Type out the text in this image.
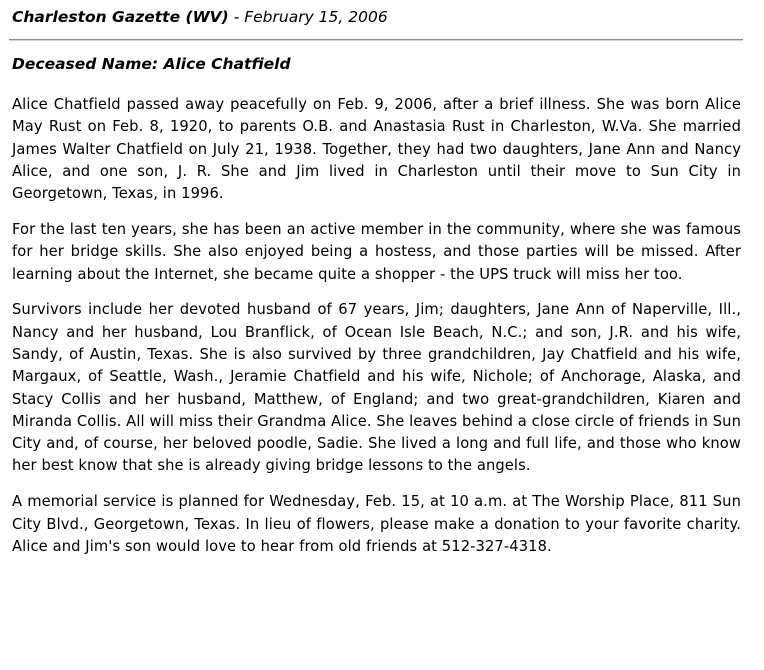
Charleston Gazette (WV) - February 15, 2006
Deceased Name: Alice Chatfield

Alice Chatfield passed away peacefully on Feb. 9, 2006, after a brief illness. She was born Alice May Rust on Feb. 8, 1920, to parents O.B. and Anastasia Rust in Charleston, W.Va. She married James Walter Chatfield on July 21, 1938. Together, they had two daughters, Jane Ann and Nancy Alice, and one son, J. R. She and Jim lived in Charleston until their move to Sun City in Georgetown, Texas, in 1996.

For the last ten years, she has been an active member in the community, where she was famous for her bridge skills. She also enjoyed being a hostess, and those parties will be missed. After learning about the Internet, she became quite a shopper - the UPS truck will miss her too.

Survivors include her devoted husband of 67 years, Jim; daughters, Jane Ann of Naperville, Ill., Nancy and her husband, Lou Branflick, of Ocean Isle Beach, N.C.; and son, J.R. and his wife, Sandy, of Austin, Texas. She is also survived by three grandchildren, Jay Chatfield and his wife, Margaux, of Seattle, Wash., Jeramie Chatfield and his wife, Nichole; of Anchorage, Alaska, and Stacy Collis and her husband, Matthew, of England; and two great-grandchildren, Kiaren and Miranda Collis. All will miss their Grandma Alice. She leaves behind a close circle of friends in Sun City and, of course, her beloved poodle, Sadie. She lived a long and full life, and those who know her best know that she is already giving bridge lessons to the angels.

A memorial service is planned for Wednesday, Feb. 15, at 10 a.m. at The Worship Place, 811 Sun City Blvd., Georgetown, Texas. In lieu of flowers, please make a donation to your favorite charity. Alice and Jim's son would love to hear from old friends at 512-327-4318.
